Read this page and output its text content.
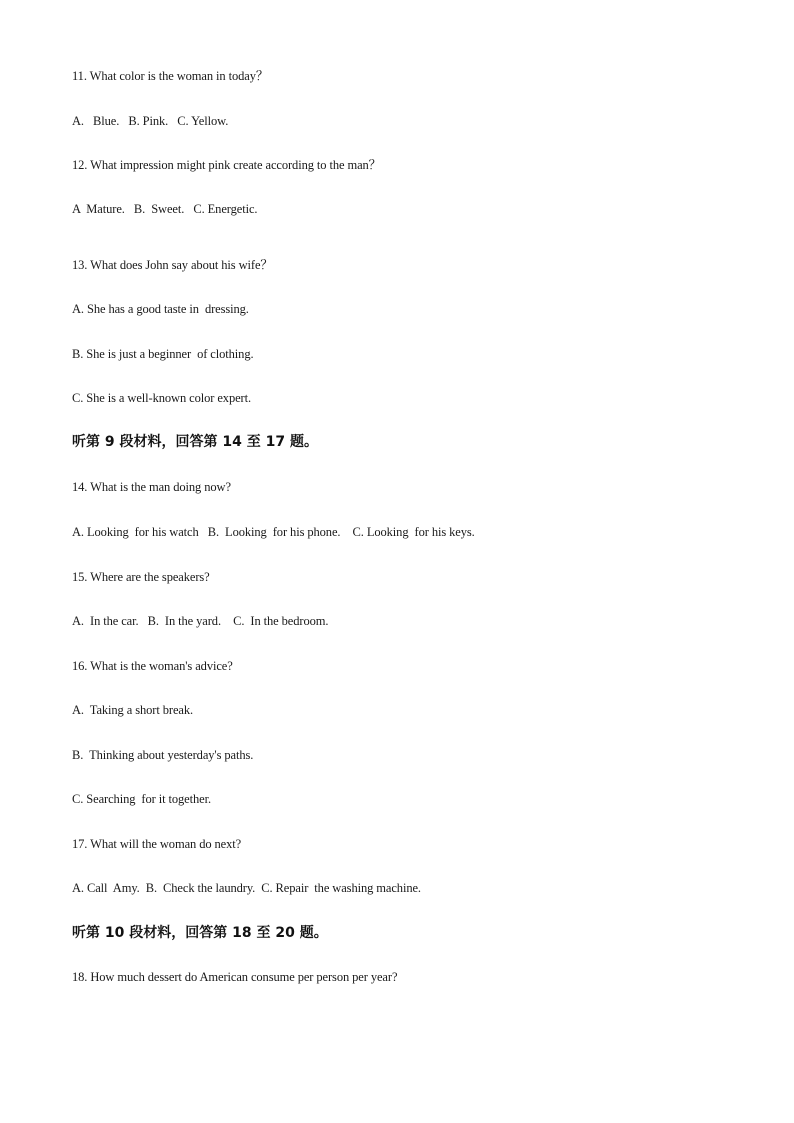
11. What color is the woman in today？
A.   Blue.   B. Pink.   C. Yellow.
12. What impression might pink create according to the man？
A  Mature.   B.  Sweet.   C. Energetic.
13. What does John say about his wife？
A. She has a good taste in  dressing.
B. She is just a beginner  of clothing.
C. She is a well-known color expert.
听第 9 段材料，回答第 14 至 17 题。
14. What is the man doing now?
A. Looking  for his watch   B.  Looking  for his phone.    C. Looking  for his keys.
15. Where are the speakers?
A.  In the car.   B.  In the yard.    C.  In the bedroom.
16. What is the woman's advice?
A.  Taking a short break.
B.  Thinking about yesterday's paths.
C. Searching  for it together.
17. What will the woman do next?
A. Call  Amy.  B.  Check the laundry.  C. Repair  the washing machine.
听第 10 段材料，回答第 18 至 20 题。
18. How much dessert do American consume per person per year?
